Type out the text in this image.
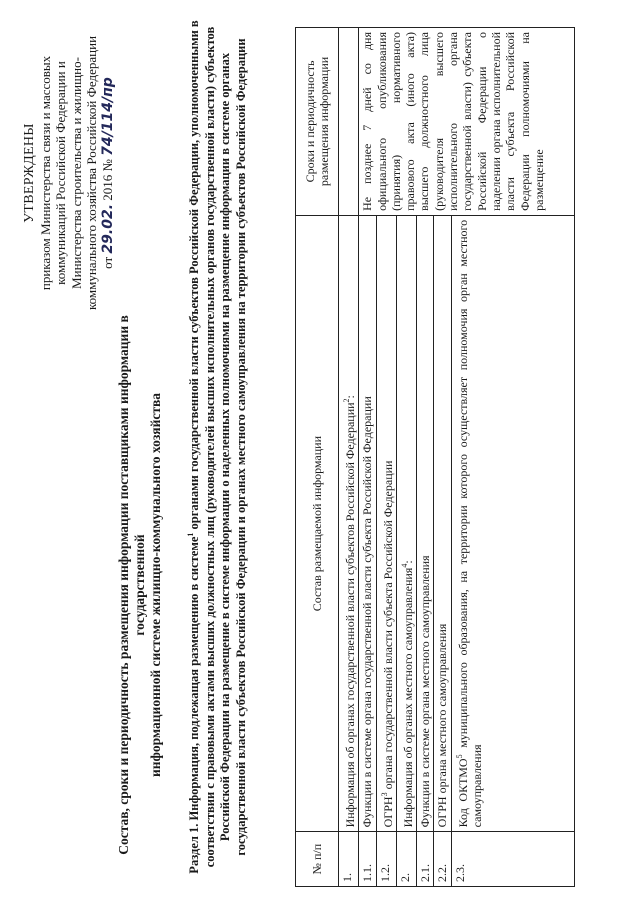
УТВЕРЖДЕНЫ приказом Министерства связи и массовых коммуникаций Российской Федерации и Министерства строительства и жилищно- коммунального хозяйства Российской Федерации от 29.02. 2016 № 74/114/пр
Состав, сроки и периодичность размещения информации поставщиками информации в государственной информационной системе жилищно-коммунального хозяйства
Раздел 1. Информация, подлежащая размещению в системе$^1$ органами государственной власти субъектов Российской Федерации, уполномоченными в соответствии с правовыми актами высших должностных лиц (руководителей высших исполнительных органов государственной власти) субъектов Российской Федерации на размещение в системе информации о наделенных полномочиями на размещение информации в системе органах государственной власти субъектов Российской Федерации и органах местного самоуправления на территории субъектов Российской Федерации
№ п/п	Состав размещаемой информации	Сроки и периодичность размещения информации
1.	Информация об органах государственной власти субъектов Российской Федерации$^2$:	
1.1.	Функции в системе органа государственной власти субъекта Российской Федерации	Не позднее 7 дней со дня официального опубликования (принятия) нормативного правового акта (иного акта) высшего должностного лица (руководителя высшего исполнительного органа государственной власти) субъекта Российской Федерации о наделении органа исполнительной власти субъекта Российской Федерации полномочиями на размещение
1.2.	ОГРН$^3$ органа государственной власти субъекта Российской Федерации	
2.	Информация об органах местного самоуправления$^4$:	
2.1.	Функции в системе органа местного самоуправления	
2.2.	ОГРН органа местного самоуправления	
2.3.	Код ОКТМО$^5$ муниципального образования, на территории которого осуществляет полномочия орган местного самоуправления	
